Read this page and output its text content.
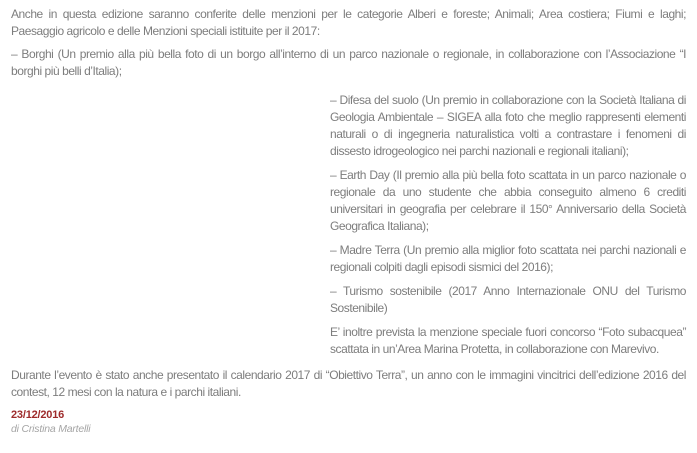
Anche in questa edizione saranno conferite delle menzioni per le categorie Alberi e foreste; Animali; Area costiera; Fiumi e laghi; Paesaggio agricolo e delle Menzioni speciali istituite per il 2017:

– Borghi (Un premio alla più bella foto di un borgo all’interno di un parco nazionale o regionale, in collaborazione con l’Associazione “I borghi più belli d’Italia);

– Difesa del suolo (Un premio in collaborazione con la Società Italiana di Geologia Ambientale – SIGEA alla foto che meglio rappresenti elementi naturali o di ingegneria naturalistica volti a contrastare i fenomeni di dissesto idrogeologico nei parchi nazionali e regionali italiani);

– Earth Day (Il premio alla più bella foto scattata in un parco nazionale o regionale da uno studente che abbia conseguito almeno 6 crediti universitari in geografia per celebrare il 150° Anniversario della Società Geografica Italiana);

– Madre Terra (Un premio alla miglior foto scattata nei parchi nazionali e regionali colpiti dagli episodi sismici del 2016);

– Turismo sostenibile (2017 Anno Internazionale ONU del Turismo Sostenibile)

E’ inoltre prevista la menzione speciale fuori concorso “Foto subacquea” scattata in un’Area Marina Protetta, in collaborazione con Marevivo.

Durante l’evento è stato anche presentato il calendario 2017 di “Obiettivo Terra”, un anno con le immagini vincitrici dell’edizione 2016 del contest, 12 mesi con la natura e i parchi italiani.

23/12/2016
di Cristina Martelli
